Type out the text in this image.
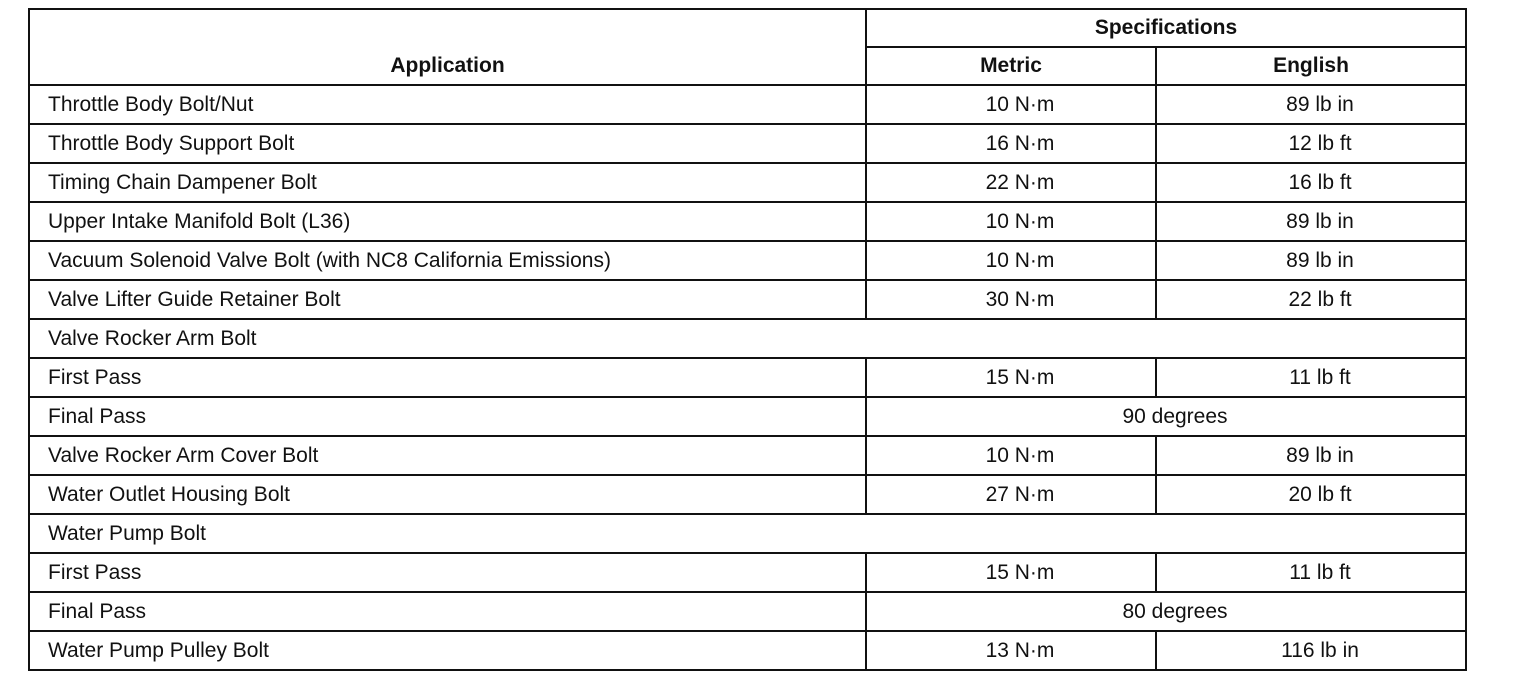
Application	Specifications	
	Metric	English
Throttle Body Bolt/Nut	10 N·m	89 lb in
Throttle Body Support Bolt	16 N·m	12 lb ft
Timing Chain Dampener Bolt	22 N·m	16 lb ft
Upper Intake Manifold Bolt (L36)	10 N·m	89 lb in
Vacuum Solenoid Valve Bolt (with NC8 California Emissions)	10 N·m	89 lb in
Valve Lifter Guide Retainer Bolt	30 N·m	22 lb ft
Valve Rocker Arm Bolt		
First Pass	15 N·m	11 lb ft
Final Pass	90 degrees	
Valve Rocker Arm Cover Bolt	10 N·m	89 lb in
Water Outlet Housing Bolt	27 N·m	20 lb ft
Water Pump Bolt		
First Pass	15 N·m	11 lb ft
Final Pass	80 degrees	
Water Pump Pulley Bolt	13 N·m	116 lb in
